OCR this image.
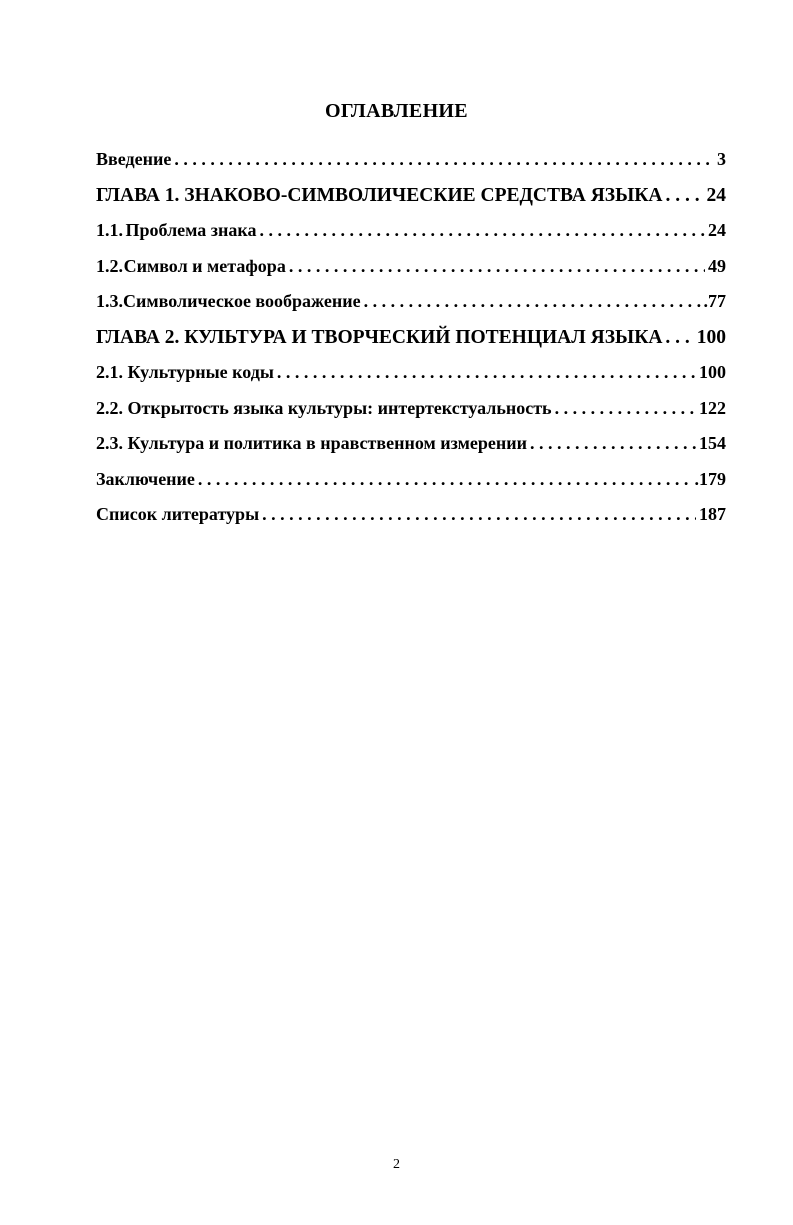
ОГЛАВЛЕНИЕ
Введение . . .	3
ГЛАВА 1. ЗНАКОВО-СИМВОЛИЧЕСКИЕ СРЕДСТВА ЯЗЫКА . . . 24
1.1. Проблема знака . . .	24
1.2. Символ и метафора . . .	49
1.3. Символическое воображение . . .	.77
ГЛАВА 2. КУЛЬТУРА И ТВОРЧЕСКИЙ ПОТЕНЦИАЛ ЯЗЫКА . . . 100
2.1. Культурные коды . . .	100
2.2. Открытость языка культуры: интертекстуальность . . .	122
2.3. Культура и политика в нравственном измерении . . .	154
Заключение . . .	.179
Список литературы . . .	187
2
